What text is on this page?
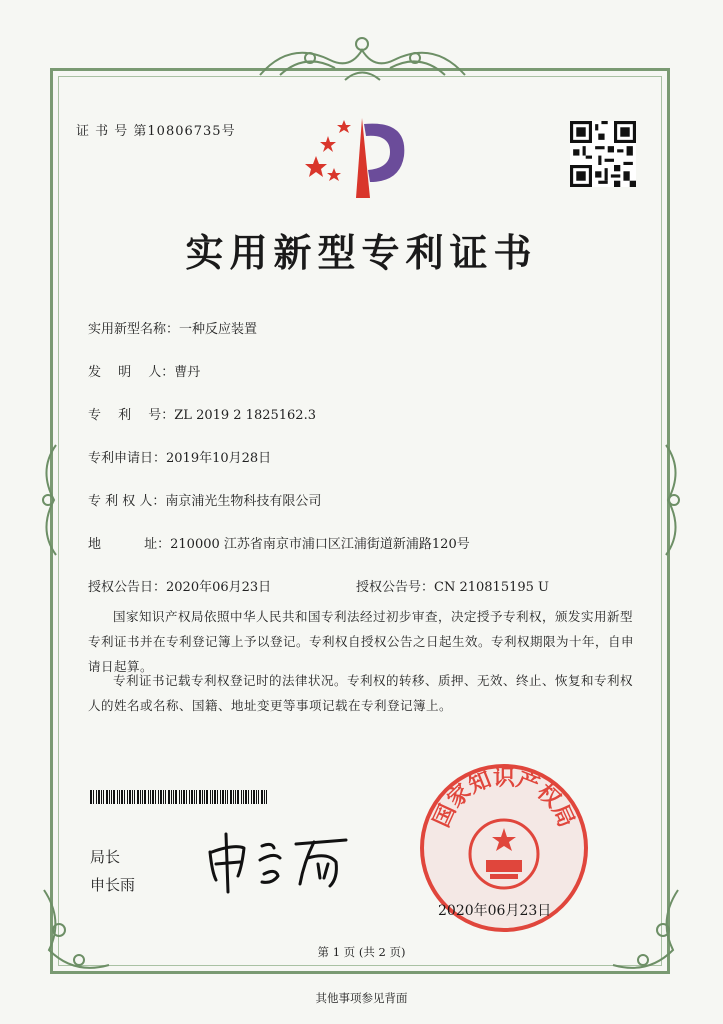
证 书 号 第10806735号
实用新型专利证书
实用新型名称：一种反应装置
发　 明　 人：曹丹
专　 利　 号：ZL 2019 2 1825162.3
专利申请日：2019年10月28日
专 利 权 人：南京浦光生物科技有限公司
地　　　 址：210000 江苏省南京市浦口区江浦街道新浦路120号
授权公告日：2020年06月23日	授权公告号：CN 210815195 U
国家知识产权局依照中华人民共和国专利法经过初步审查，决定授予专利权，颁发实用新型专利证书并在专利登记簿上予以登记。专利权自授权公告之日起生效。专利权期限为十年，自申请日起算。
专利证书记载专利权登记时的法律状况。专利权的转移、质押、无效、终止、恢复和专利权人的姓名或名称、国籍、地址变更等事项记载在专利登记簿上。
局长
申长雨
国家知识产权局
2020年06月23日
第 1 页 (共 2 页)
其他事项参见背面
